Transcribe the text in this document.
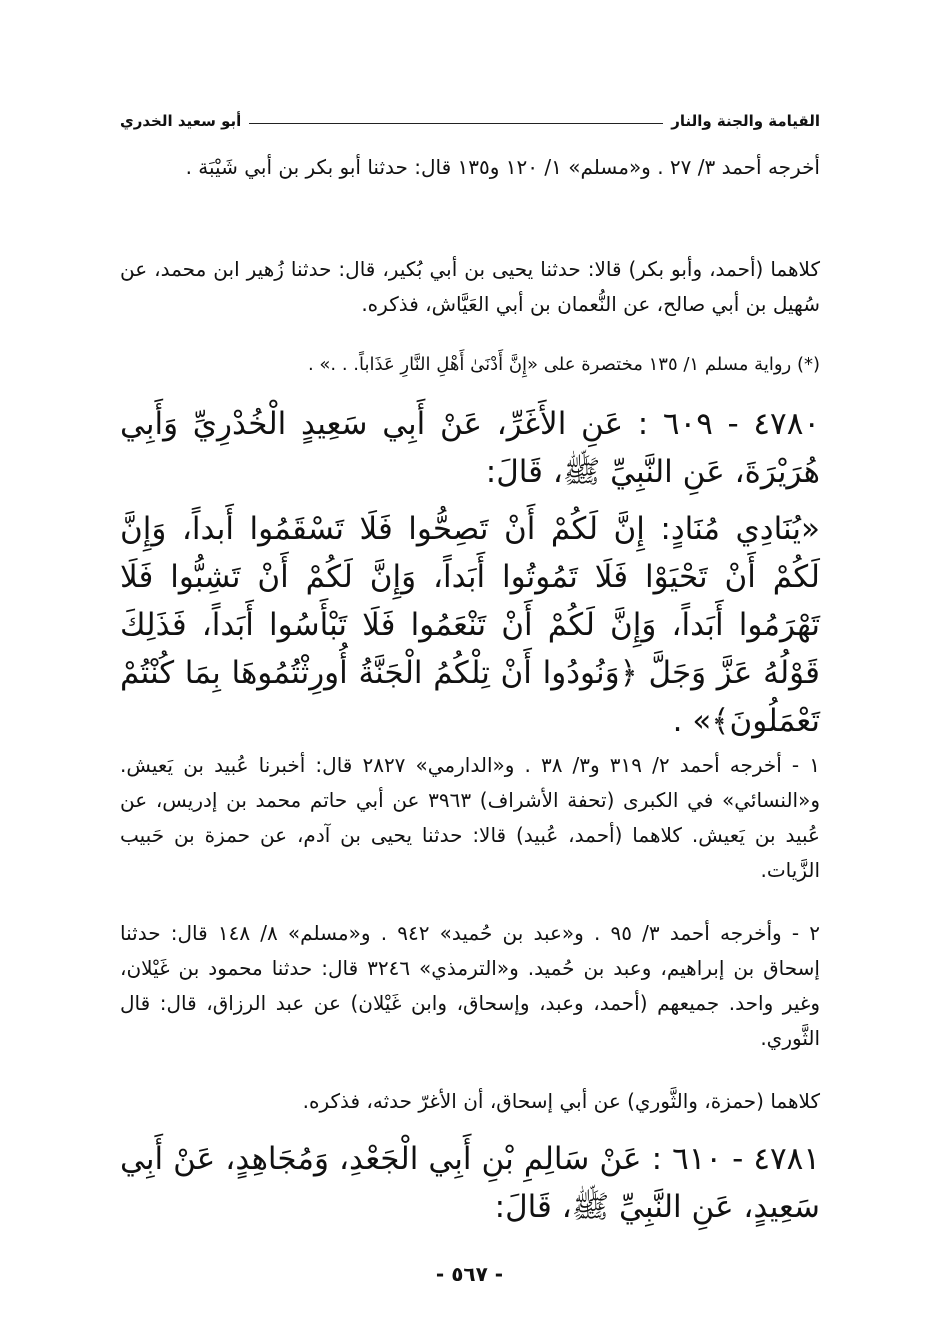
القيامة والجنة والنار
أبو سعيد الخدري
أخرجه أحمد ٣/ ٢٧ . و«مسلم» ١/ ١٢٠ و١٣٥ قال: حدثنا أبو بكر بن أبي شَيْبَة .
كلاهما (أحمد، وأبو بكر) قالا: حدثنا يحيى بن أبي بُكير، قال: حدثنا زُهير ابن محمد، عن سُهيل بن أبي صالح، عن النُّعمان بن أبي العَيَّاش، فذكره.
(*) رواية مسلم ١/ ١٣٥ مختصرة على «إِنَّ أَدْنَىٰ أَهْلِ النَّارِ عَذَاباً. . .» .
٤٧٨٠ - ٦٠٩ : عَنِ الأَغَرِّ، عَنْ أَبِي سَعِيدٍ الْخُدْرِيِّ وَأَبِي هُرَيْرَةَ، عَنِ النَّبِيِّ ﷺ، قَالَ:
«يُنَادِي مُنَادٍ: إِنَّ لَكُمْ أَنْ تَصِحُّوا فَلَا تَسْقَمُوا أَبداً، وَإِنَّ لَكُمْ أَنْ تَحْيَوْا فَلَا تَمُوتُوا أَبَداً، وَإِنَّ لَكُمْ أَنْ تَشِبُّوا فَلَا تَهْرَمُوا أَبَداً، وَإِنَّ لَكُمْ أَنْ تَنْعَمُوا فَلَا تَبْأَسُوا أَبَداً، فَذَلِكَ قَوْلُهُ عَزَّ وَجَلَّ ﴿وَنُودُوا أَنْ تِلْكُمُ الْجَنَّةُ أُورِثْتُمُوهَا بِمَا كُنْتُمْ تَعْمَلُونَ﴾» .
١ - أخرجه أحمد ٢/ ٣١٩ و٣/ ٣٨ . و«الدارمي» ٢٨٢٧ قال: أخبرنا عُبيد بن يَعيش. و«النسائي» في الكبرى (تحفة الأشراف) ٣٩٦٣ عن أبي حاتم محمد بن إدريس، عن عُبيد بن يَعيش. كلاهما (أحمد، عُبيد) قالا: حدثنا يحيى بن آدم، عن حمزة بن حَبيب الزَّيات.
٢ - وأخرجه أحمد ٣/ ٩٥ . و«عبد بن حُميد» ٩٤٢ . و«مسلم» ٨/ ١٤٨ قال: حدثنا إسحاق بن إبراهيم، وعبد بن حُميد. و«الترمذي» ٣٢٤٦ قال: حدثنا محمود بن غَيْلان، وغير واحد. جميعهم (أحمد، وعبد، وإسحاق، وابن غَيْلان) عن عبد الرزاق، قال: قال الثَّوري.
كلاهما (حمزة، والثَّوري) عن أبي إسحاق، أن الأغرّ حدثه، فذكره.
٤٧٨١ - ٦١٠ : عَنْ سَالِمِ بْنِ أَبِي الْجَعْدِ، وَمُجَاهِدٍ، عَنْ أَبِي سَعِيدٍ، عَنِ النَّبِيِّ ﷺ، قَالَ:
- ٥٦٧ -
